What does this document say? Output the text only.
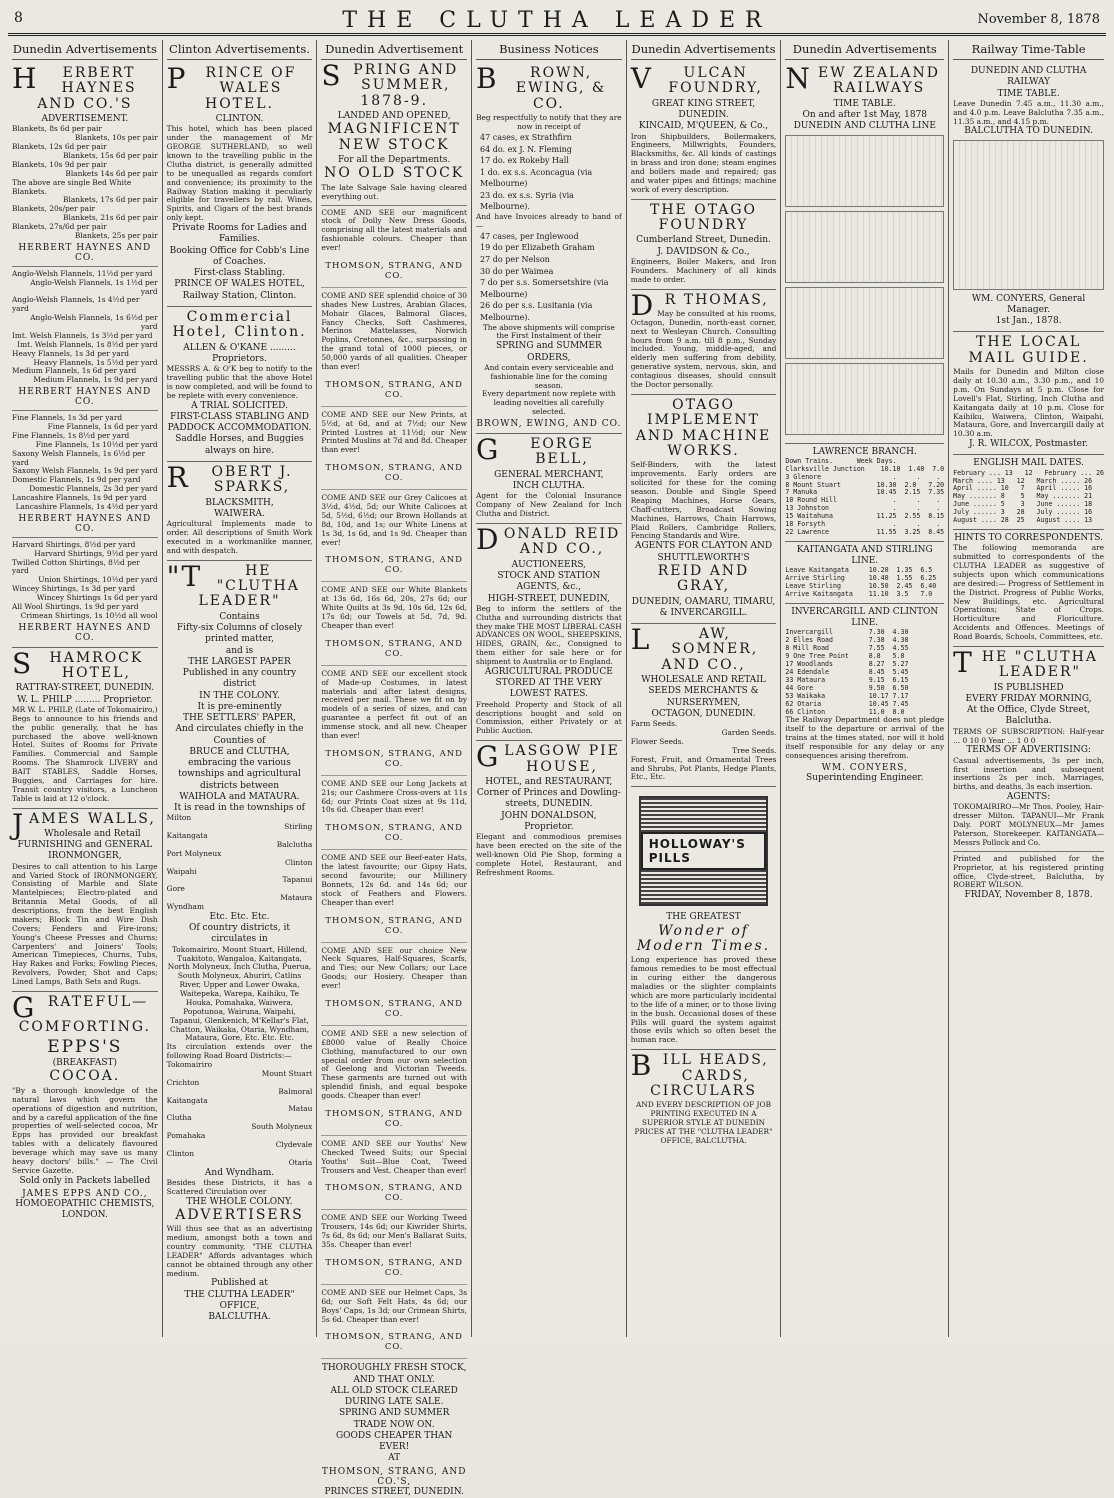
8	THE CLUTHA LEADER	November 8, 1878
Dunedin Advertisements
HERBERT HAYNES AND CO.'S
ADVERTISEMENT.
Blankets, 8s 6d per pair
Blankets, 10s per pair
Blankets, 12s 6d per pair
Blankets, 15s 6d per pair
Blankets, 10s 9d per pair
Blankets 14s 6d per pair
The above are single Bed White Blankets.
Blankets, 17s 6d per pair
Blankets, 20s/per pair
Blankets, 21s 6d per pair
Blankets, 27s/6d per pair
Blankets, 25s per pair
HERBERT HAYNES AND CO.
Anglo-Welsh Flannels, 11½d per yard
Anglo-Welsh Flannels, 1s 1½d per yard
Anglo-Welsh Flannels, 1s 4½d per yard
Anglo-Welsh Flannels, 1s 6½d per yard
Imt. Welsh Flannels, 1s 3½d per yard
Imt. Welsh Flannels, 1s 8½d per yard
Heavy Flannels, 1s 3d per yard
Heavy Flannels, 1s 5½d per yard
Medium Flannels, 1s 6d per yard
Medium Flannels, 1s 9d per yard
HERBERT HAYNES AND CO.
Fine Flannels, 1s 3d per yard
Fine Flannels, 1s 6d per yard
Fine Flannels, 1s 8½d per yard
Fine Flannels, 1s 10½d per yard
Saxony Welsh Flannels, 1s 6½d per yard
Saxony Welsh Flannels, 1s 9d per yard
Domestic Flannels, 1s 9d per yard
Domestic Flannels, 2s 3d per yard
Lancashire Flannels, 1s 9d per yard
Lancashire Flannels, 1s 4½d per yard
HERBERT HAYNES AND CO.
Harvard Shirtings, 8½d per yard
Harvard Shirtings, 9½d per yard
Twilled Cotton Shirtings, 8½d per yard
Union Shirtings, 10½d per yard
Wincey Shirtings, 1s 3d per yard
Wincey Shirtings 1s 6d per yard
All Wool Shirtings, 1s 9d per yard
Crimean Shirtings, 1s 10½d all wool
HERBERT HAYNES AND CO.
SHAMROCK HOTEL,
RATTRAY-STREET, DUNEDIN.
W. L. PHILP ......... Proprietor.
MR W. L. PHILP, (Late of Tokomairiro,) Begs to announce to his friends and the public generally, that he has purchased the above well-known Hotel. Suites of Rooms for Private Families. Commercial and Sample Rooms. The Shamrock LIVERY and BAIT STABLES, Saddle Horses, Buggies, and Carriages for hire. Transit country visitors, a Luncheon Table is laid at 12 o'clock.
JAMES WALLS,
Wholesale and Retail FURNISHING and GENERAL IRONMONGER,
Desires to call attention to his Large and Varied Stock of IRONMONGERY, Consisting of Marble and Slate Mantelpieces; Electro-plated and Britannia Metal Goods, of all descriptions, from the best English makers; Block Tin and Wire Dish Covers; Fenders and Fire-irons; Young's Cheese Presses and Churns; Carpenters' and Joiners' Tools; American Timepieces, Churns, Tubs, Hay Rakes and Forks; Fowling Pieces, Revolvers, Powder, Shot and Caps; Lined Lamps, Bath Sets and Rugs.
GRATEFUL—COMFORTING.
EPPS'S
(BREAKFAST)
COCOA.
"By a thorough knowledge of the natural laws which govern the operations of digestion and nutrition, and by a careful application of the fine properties of well-selected cocoa, Mr Epps has provided our breakfast tables with a delicately flavoured beverage which may save us many heavy doctors' bills." — The Civil Service Gazette.
Sold only in Packets labelled
JAMES EPPS AND CO.,
HOMOEOPATHIC CHEMISTS,
LONDON.
Clinton Advertisements.
PRINCE OF WALES HOTEL.
CLINTON.
This hotel, which has been placed under the management of Mr GEORGE SUTHERLAND, so well known to the travelling public in the Clutha district, is generally admitted to be unequalled as regards comfort and convenience; its proximity to the Railway Station making it peculiarly eligible for travellers by rail. Wines, Spirits, and Cigars of the best brands only kept.
Private Rooms for Ladies and Families.
Booking Office for Cobb's Line of Coaches.
First-class Stabling.
PRINCE OF WALES HOTEL, Railway Station, Clinton.
Commercial Hotel, Clinton.
ALLEN & O'KANE ......... Proprietors.
MESSRS A. & O'K beg to notify to the travelling public that the above Hotel is now completed, and will be found to be replete with every convenience.
A TRIAL SOLICITED.
FIRST-CLASS STABLING AND PADDOCK ACCOMMODATION.
Saddle Horses, and Buggies always on hire.
ROBERT J. SPARKS,
BLACKSMITH,
WAIWERA.
Agricultural Implements made to order. All descriptions of Smith Work executed in a workmanlike manner, and with despatch.
"THE "CLUTHA LEADER"
Contains
Fifty-six Columns of closely printed matter,
and is
THE LARGEST PAPER
Published in any country district
IN THE COLONY.
It is pre-eminently
THE SETTLERS' PAPER,
And circulates chiefly in the Counties of
BRUCE and CLUTHA,
embracing the various townships and agricultural districts between
WAIHOLA and MATAURA.
It is read in the townships of
Milton
Stirling
Kaitangata
Balclutha
Port Molyneux
Clinton
Waipahi
Tapanui
Gore
Mataura
Wyndham
Etc. Etc. Etc.
Of country districts, it circulates in
Tokomairiro, Mount Stuart, Hillend, Tuakitoto, Wangaloa, Kaitangata, North Molyneux, Inch Clutha, Puerua, South Molyneux, Ahuriri, Catlins River, Upper and Lower Owaka, Waitepeka, Warepa, Kaihiku, Te Houka, Pomahaka, Waiwera, Popotunoa, Wairuna, Waipahi, Tapanui, Glenkenich, M'Kellar's Flat, Chatton, Waikaka, Otaria, Wyndham, Mataura, Gore, Etc. Etc. Etc.
Its circulation extends over the following Road Board Districts:—
Tokomairiro
Mount Stuart
Crichton
Balmoral
Kaitangata
Matau
Clutha
South Molyneux
Pomahaka
Clydevale
Clinton
Otaria
And Wyndham.
Besides these Districts, it has a Scattered Circulation over
THE WHOLE COLONY.
ADVERTISERS
Will thus see that as an advertising medium, amongst both a town and country community, "THE CLUTHA LEADER" Affords advantages which cannot be obtained through any other medium.
Published at
THE CLUTHA LEADER" OFFICE,
BALCLUTHA.
Dunedin Advertisement
SPRING AND SUMMER, 1878-9.
LANDED AND OPENED,
MAGNIFICENT NEW STOCK
For all the Departments.
NO OLD STOCK
The late Salvage Sale having cleared everything out.
COME AND SEE our magnificent stock of Dolly New Dress Goods, comprising all the latest materials and fashionable colours. Cheaper than ever!
THOMSON, STRANG, AND CO.
COME AND SEE splendid choice of 30 shades New Lustres, Arabian Glaces, Mohair Glaces, Balmoral Glaces, Fancy Checks, Soft Cashmeres, Merinos Mattelasses, Norwich Poplins, Cretonnes, &c., surpassing in the grand total of 1000 pieces, or 50,000 yards of all qualities. Cheaper than ever!
THOMSON, STRANG, AND CO.
COME AND SEE our New Prints, at 5½d, at 6d, and at 7½d; our New Printed Lustres at 11½d; our New Printed Muslins at 7d and 8d. Cheaper than ever!
THOMSON, STRANG, AND CO.
COME AND SEE our Grey Calicoes at 3½d, 4½d, 5d; our White Calicoes at 5d, 5½d, 6½d; our Brown Hollands at 8d, 10d, and 1s; our White Linens at 1s 3d, 1s 6d, and 1s 9d. Cheaper than ever!
THOMSON, STRANG, AND CO.
COME AND SEE our White Blankets at 13s 6d, 16s 6d, 20s, 27s 6d; our White Quilts at 3s 9d, 10s 6d, 12s 6d, 17s 6d; our Towels at 5d, 7d, 9d. Cheaper than ever!
THOMSON, STRANG, AND CO.
COME AND SEE our excellent stock of Made-up Costumes, in latest materials and after latest designs, received per mail. These we fit on by models of a series of sizes, and can guarantee a perfect fit out of an immense stock, and all new. Cheaper than ever!
THOMSON, STRANG, AND CO.
COME AND SEE our Long Jackets at 21s; our Cashmere Cross-overs at 11s 6d; our Prints Coat sizes at 9s 11d, 10s 6d. Cheaper than ever!
THOMSON, STRANG, AND CO.
COME AND SEE our Beef-eater Hats, the latest favourite; our Gipsy Hats, second favourite; our Millinery Bonnets, 12s 6d. and 14s 6d; our stock of Feathers and Flowers. Cheaper than ever!
THOMSON, STRANG, AND CO.
COME AND SEE our choice New Neck Squares, Half-Squares, Scarfs, and Ties; our New Collars; our Lace Goods; our Hosiery. Cheaper than ever!
THOMSON, STRANG, AND CO.
COME AND SEE a new selection of £8000 value of Really Choice Clothing, manufactured to our own special order from our own selection of Geelong and Victorian Tweeds. These garments are turned out with splendid finish, and equal bespoke goods. Cheaper than ever!
THOMSON, STRANG, AND CO.
COME AND SEE our Youths' New Checked Tweed Suits; our Special Youths' Suit—Blue Coat, Tweed Trousers and Vest. Cheaper than ever!
THOMSON, STRANG, AND CO.
COME AND SEE our Working Tweed Trousers, 14s 6d; our Kiwrider Shirts, 7s 6d, 8s 6d; our Men's Ballarat Suits, 35s. Cheaper than ever!
THOMSON, STRANG, AND CO.
COME AND SEE our Helmet Caps, 3s 6d; our Soft Felt Hats, 4s 6d; our Boys' Caps, 1s 3d; our Crimean Shirts, 5s 6d. Cheaper than ever!
THOMSON, STRANG, AND CO.
THOROUGHLY FRESH STOCK, AND THAT ONLY.
ALL OLD STOCK CLEARED DURING LATE SALE.
SPRING AND SUMMER TRADE NOW ON.
GOODS CHEAPER THAN EVER!
AT
THOMSON, STRANG, AND CO.'S,
PRINCES STREET, DUNEDIN.
Business Notices
BROWN, EWING, & CO.
Beg respectfully to notify that they are now in receipt of
47 cases, ex Strathfirn
64 do. ex J. N. Fleming
17 do. ex Rokeby Hall
1 do. ex s.s. Aconcagua (via Melbourne)
23 do. ex s.s. Syria (via Melbourne).
And have Invoices already to hand of—
47 cases, per Inglewood
19 do per Elizabeth Graham
27 do per Nelson
30 do per Waimea
7 do per s.s. Somersetshire (via Melbourne)
26 do per s.s. Lusitania (via Melbourne).
The above shipments will comprise the First Instalment of their
SPRING and SUMMER ORDERS,
And contain every serviceable and fashionable line for the coming season.
Every department now replete with leading novelties all carefully selected.
BROWN, EWING, AND CO.
GEORGE BELL,
GENERAL MERCHANT,
INCH CLUTHA.
Agent for the Colonial Insurance Company of New Zealand for Inch Clutha and District.
DONALD REID AND CO.,
AUCTIONEERS,
STOCK AND STATION AGENTS, &c.,
HIGH-STREET, DUNEDIN,
Beg to inform the settlers of the Clutha and surrounding districts that they make THE MOST LIBERAL CASH ADVANCES ON WOOL, SHEEPSKINS, HIDES, GRAIN, &c., Consigned to them either for sale here or for shipment to Australia or to England.
AGRICULTURAL PRODUCE STORED AT THE VERY LOWEST RATES.
Freehold Property and Stock of all descriptions bought and sold on Commission, either Privately or at Public Auction.
GLASGOW PIE HOUSE,
HOTEL, and RESTAURANT,
Corner of Princes and Dowling-streets, DUNEDIN.
JOHN DONALDSON, Proprietor.
Elegant and commodious premises have been erected on the site of the well-known Old Pie Shop, forming a complete Hotel, Restaurant, and Refreshment Rooms.
Dunedin Advertisements
VULCAN FOUNDRY,
GREAT KING STREET,
DUNEDIN.
KINCAID, M'QUEEN, & Co.,
Iron Shipbuilders, Boilermakers, Engineers, Millwrights, Founders, Blacksmiths, &c. All kinds of castings in brass and iron done; steam engines and boilers made and repaired; gas and water pipes and fittings; machine work of every description.
THE OTAGO FOUNDRY
Cumberland Street, Dunedin.
J. DAVIDSON & Co.,
Engineers, Boiler Makers, and Iron Founders. Machinery of all kinds made to order.
DR THOMAS,
May be consulted at his rooms, Octagon, Dunedin, north-east corner, next to Wesleyan Church. Consulting hours from 9 a.m. till 8 p.m., Sunday included. Young, middle-aged, and elderly men suffering from debility, generative system, nervous, skin, and contagious diseases, should consult the Doctor personally.
OTAGO IMPLEMENT AND MACHINE WORKS.
Self-Binders, with the latest improvements. Early orders are solicited for these for the coming season. Double and Single Speed Reaping Machines, Horse Gears, Chaff-cutters, Broadcast Sowing Machines, Harrows, Chain Harrows, Plaid Rollers, Cambridge Rollers, Fencing Standards and Wire.
AGENTS FOR CLAYTON AND SHUTTLEWORTH'S
REID AND GRAY,
DUNEDIN, OAMARU, TIMARU, & INVERCARGILL.
LAW, SOMNER, AND CO.,
WHOLESALE AND RETAIL SEEDS MERCHANTS & NURSERYMEN,
OCTAGON, DUNEDIN.
Farm Seeds.
Garden Seeds.
Flower Seeds.
Tree Seeds.
Forest, Fruit, and Ornamental Trees and Shrubs, Pot Plants, Hedge Plants, Etc., Etc.
HOLLOWAY'S PILLS
THE GREATEST
Wonder of Modern Times.
Long experience has proved these famous remedies to be most effectual in curing either the dangerous maladies or the slighter complaints which are more particularly incidental to the life of a miner, or to those living in the bush. Occasional doses of these Pills will guard the system against those evils which so often beset the human race.
BILL HEADS, CARDS, CIRCULARS
AND EVERY DESCRIPTION OF JOB PRINTING EXECUTED IN A SUPERIOR STYLE AT DUNEDIN PRICES AT THE "CLUTHA LEADER" OFFICE, BALCLUTHA.
Dunedin Advertisements
NEW ZEALAND RAILWAYS
TIME TABLE.
On and after 1st May, 1878
DUNEDIN AND CLUTHA LINE
LAWRENCE BRANCH.
Down Trains.      Week Days.
Clarksville Junction    10.10  1.40  7.0
3 Glenore                  .     .    .
8 Mount Stuart         10.30  2.0   7.20
7 Manuka               10.45  2.15  7.35
10 Round Hill              .     .    .
13 Johnston                .     .    .
15 Waitahuna           11.25  2.55  8.15
18 Forsyth                 .     .    .
22 Lawrence            11.55  3.25  8.45
KAITANGATA AND STIRLING LINE.
Leave Kaitangata     10.20  1.35  6.5
Arrive Stirling      10.40  1.55  6.25
Leave Stirling       10.50  2.45  6.40
Arrive Kaitangata    11.10  3.5   7.0
INVERCARGILL AND CLINTON LINE.
Invercargill         7.30  4.30
2 Elles Road         7.38  4.38
8 Mill Road          7.55  4.55
9 One Tree Point     8.8   5.8
17 Woodlands         8.27  5.27
24 Edendale          8.45  5.45
33 Mataura           9.15  6.15
44 Gore              9.50  6.50
53 Waikaka           10.17 7.17
62 Otaria            10.45 7.45
66 Clinton           11.0  8.0
The Railway Department does not pledge itself to the departure or arrival of the trains at the times stated, nor will it hold itself responsible for any delay or any consequences arising therefrom.
WM. CONYERS,
Superintending Engineer.
Railway Time-Table
DUNEDIN AND CLUTHA RAILWAY
TIME TABLE.
Leave Dunedin 7.45 a.m., 11.30 a.m., and 4.0 p.m. Leave Balclutha 7.35 a.m., 11.35 a.m., and 4.15 p.m.
BALCLUTHA TO DUNEDIN.
WM. CONYERS, General Manager.
1st Jan., 1878.
THE LOCAL MAIL GUIDE.
Mails for Dunedin and Milton close daily at 10.30 a.m., 3.30 p.m., and 10 p.m. On Sundays at 5 p.m. Close for Lovell's Flat, Stirling, Inch Clutha and Kaitangata daily at 10 p.m. Close for Kaihiku, Waiwera, Clinton, Waipahi, Mataura, Gore, and Invercargill daily at 10.30 a.m.
J. R. WILCOX, Postmaster.
ENGLISH MAIL DATES.
February ... 13   12   February ... 26
March .... 13   12   March ..... 26
April ..... 10   7   April ..... 16
May ....... 8    5   May ....... 21
June ...... 5    3   June ...... 18
July ...... 3   28   July ...... 16
August .... 28  25   August .... 13
HINTS TO CORRESPONDENTS.
The following memoranda are submitted to correspondents of the CLUTHA LEADER as suggestive of subjects upon which communications are desired:— Progress of Settlement in the District. Progress of Public Works, New Buildings, etc. Agricultural Operations; State of Crops. Horticulture and Floriculture. Accidents and Offences. Meetings of Road Boards, Schools, Committees, etc.
THE "CLUTHA LEADER"
IS PUBLISHED
EVERY FRIDAY MORNING,
At the Office, Clyde Street, Balclutha.
TERMS OF SUBSCRIPTION: Half-year ... 0 10 0 Year ... 1 0 0
TERMS OF ADVERTISING:
Casual advertisements, 3s per inch, first insertion and subsequent insertions 2s per inch. Marriages, births, and deaths, 3s each insertion.
AGENTS:
TOKOMAIRIRO—Mr Thos. Pooley, Hair-dresser Milton. TAPANUI—Mr Frank Daly. PORT MOLYNEUX—Mr James Paterson, Storekeeper. KAITANGATA—Messrs Pollock and Co.
Printed and published for the Proprietor, at his registered printing office, Clyde-street, Balclutha, by ROBERT WILSON.
FRIDAY, November 8, 1878.
